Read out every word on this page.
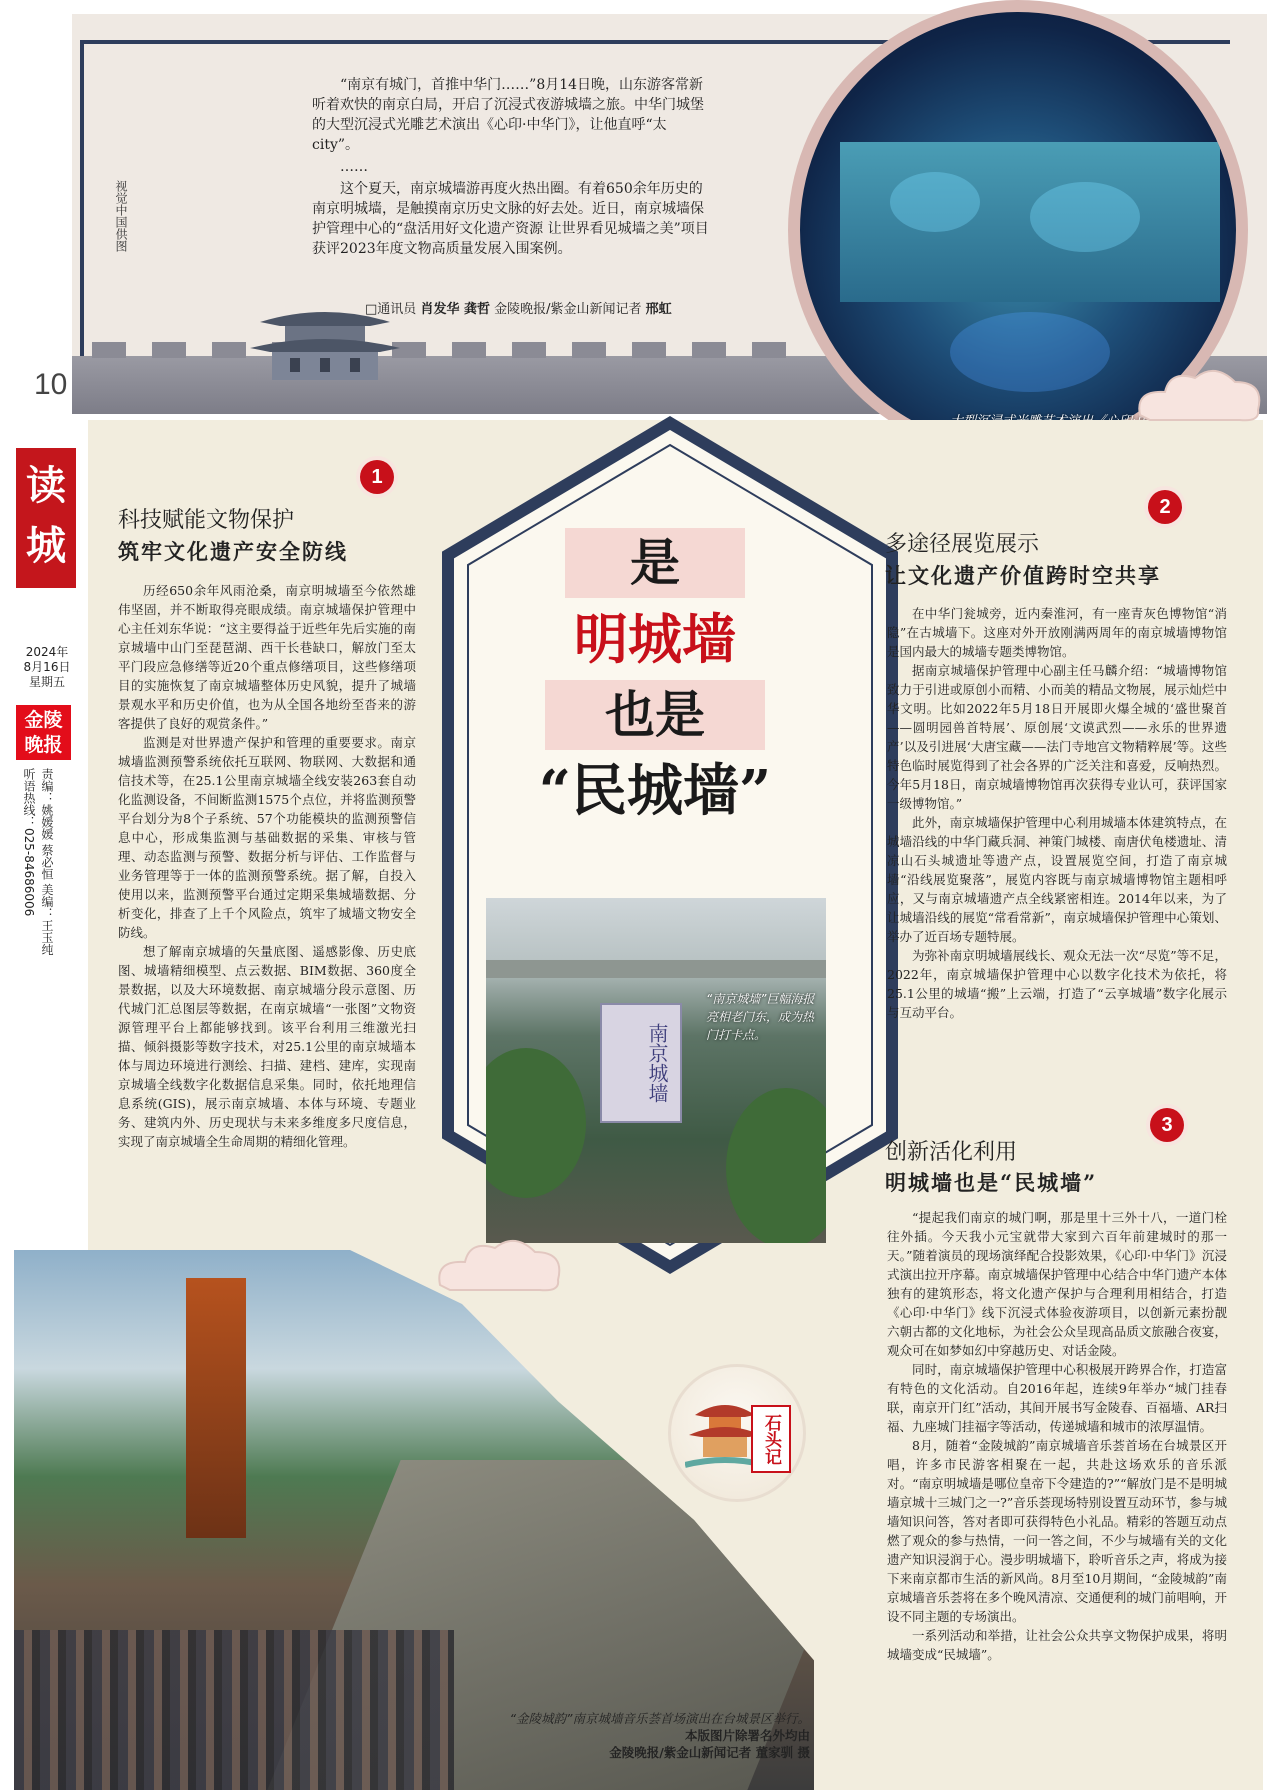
“南京有城门，首推中华门……”8月14日晚，山东游客常新听着欢快的南京白局，开启了沉浸式夜游城墙之旅。中华门城堡的大型沉浸式光雕艺术演出《心印·中华门》，让他直呼“太city”。

……

这个夏天，南京城墙游再度火热出圈。有着650余年历史的南京明城墙，是触摸南京历史文脉的好去处。近日，南京城墙保护管理中心的“盘活用好文化遗产资源 让世界看见城墙之美”项目获评2023年度文物高质量发展入围案例。

□通讯员 肖发华 龚哲 金陵晚报/紫金山新闻记者 邢虹
视觉中国供图
10
读城
2024年8月16日星期五
金陵晚报
听语热线：025-84686006 责编：姚媛媛 蔡必恒 美编：王玉纯
是
明城墙
也是
“民城墙”
南京城墙
“南京城墙”巨幅海报亮相老门东，成为热门打卡点。
1
科技赋能文物保护
筑牢文化遗产安全防线

历经650余年风雨沧桑，南京明城墙至今依然雄伟坚固，并不断取得亮眼成绩。南京城墙保护管理中心主任刘东华说：“这主要得益于近些年先后实施的南京城墙中山门至琵琶湖、西干长巷缺口，解放门至太平门段应急修缮等近20个重点修缮项目，这些修缮项目的实施恢复了南京城墙整体历史风貌，提升了城墙景观水平和历史价值，也为从全国各地纷至沓来的游客提供了良好的观赏条件。”

监测是对世界遗产保护和管理的重要要求。南京城墙监测预警系统依托互联网、物联网、大数据和通信技术等，在25.1公里南京城墙全线安装263套自动化监测设备，不间断监测1575个点位，并将监测预警平台划分为8个子系统、57个功能模块的监测预警信息中心，形成集监测与基础数据的采集、审核与管理、动态监测与预警、数据分析与评估、工作监督与业务管理等于一体的监测预警系统。据了解，自投入使用以来，监测预警平台通过定期采集城墙数据、分析变化，排查了上千个风险点，筑牢了城墙文物安全防线。

想了解南京城墙的矢量底图、遥感影像、历史底图、城墙精细模型、点云数据、BIM数据、360度全景数据，以及大环境数据、南京城墙分段示意图、历代城门汇总图层等数据，在南京城墙“一张图”文物资源管理平台上都能够找到。该平台利用三维激光扫描、倾斜摄影等数字技术，对25.1公里的南京城墙本体与周边环境进行测绘、扫描、建档、建库，实现南京城墙全线数字化数据信息采集。同时，依托地理信息系统(GIS)，展示南京城墙、本体与环境、专题业务、建筑内外、历史现状与未来多维度多尺度信息，实现了南京城墙全生命周期的精细化管理。

2
多途径展览展示
让文化遗产价值跨时空共享

在中华门瓮城旁，近内秦淮河，有一座青灰色博物馆“消隐”在古城墙下。这座对外开放刚满两周年的南京城墙博物馆是国内最大的城墙专题类博物馆。

据南京城墙保护管理中心副主任马麟介绍：“城墙博物馆致力于引进或原创小而精、小而美的精品文物展，展示灿烂中华文明。比如2022年5月18日开展即火爆全城的‘盛世聚首——圆明园兽首特展’、原创展‘文谟武烈——永乐的世界遗产’以及引进展‘大唐宝藏——法门寺地宫文物精粹展’等。这些特色临时展览得到了社会各界的广泛关注和喜爱，反响热烈。今年5月18日，南京城墙博物馆再次获得专业认可，获评国家一级博物馆。”

此外，南京城墙保护管理中心利用城墙本体建筑特点，在城墙沿线的中华门藏兵洞、神策门城楼、南唐伏龟楼遗址、清凉山石头城遗址等遗产点，设置展览空间，打造了南京城墙“沿线展览聚落”，展览内容既与南京城墙博物馆主题相呼应，又与南京城墙遗产点全线紧密相连。2014年以来，为了让城墙沿线的展览“常看常新”，南京城墙保护管理中心策划、举办了近百场专题特展。

为弥补南京明城墙展线长、观众无法一次“尽览”等不足，2022年，南京城墙保护管理中心以数字化技术为依托，将25.1公里的城墙“搬”上云端，打造了“云享城墙”数字化展示与互动平台。

3
创新活化利用
明城墙也是“民城墙”

“提起我们南京的城门啊，那是里十三外十八，一道门栓往外插。今天我小元宝就带大家到六百年前建城时的那一天。”随着演员的现场演绎配合投影效果，《心印·中华门》沉浸式演出拉开序幕。南京城墙保护管理中心结合中华门遗产本体独有的建筑形态，将文化遗产保护与合理利用相结合，打造《心印·中华门》线下沉浸式体验夜游项目，以创新元素扮靓六朝古都的文化地标，为社会公众呈现高品质文旅融合夜宴，观众可在如梦如幻中穿越历史、对话金陵。

同时，南京城墙保护管理中心积极展开跨界合作，打造富有特色的文化活动。自2016年起，连续9年举办“城门挂春联，南京开门红”活动，其间开展书写金陵春、百福墙、AR扫福、九座城门挂福字等活动，传递城墙和城市的浓厚温情。

8月，随着“金陵城韵”南京城墙音乐荟首场在台城景区开唱，许多市民游客相聚在一起，共赴这场欢乐的音乐派对。“南京明城墙是哪位皇帝下令建造的?”“解放门是不是明城墙京城十三城门之一?”音乐荟现场特别设置互动环节，参与城墙知识问答，答对者即可获得特色小礼品。精彩的答题互动点燃了观众的参与热情，一问一答之间，不少与城墙有关的文化遗产知识浸润于心。漫步明城墙下，聆听音乐之声，将成为接下来南京都市生活的新风尚。8月至10月期间，“金陵城韵”南京城墙音乐荟将在多个晚风清凉、交通便利的城门前唱响，开设不同主题的专场演出。

一系列活动和举措，让社会公众共享文物保护成果，将明城墙变成“民城墙”。

“金陵城韵”南京城墙音乐荟首场演出在台城景区举行。
本版图片除署名外均由
金陵晚报/紫金山新闻记者 董家驯 摄
石头记
